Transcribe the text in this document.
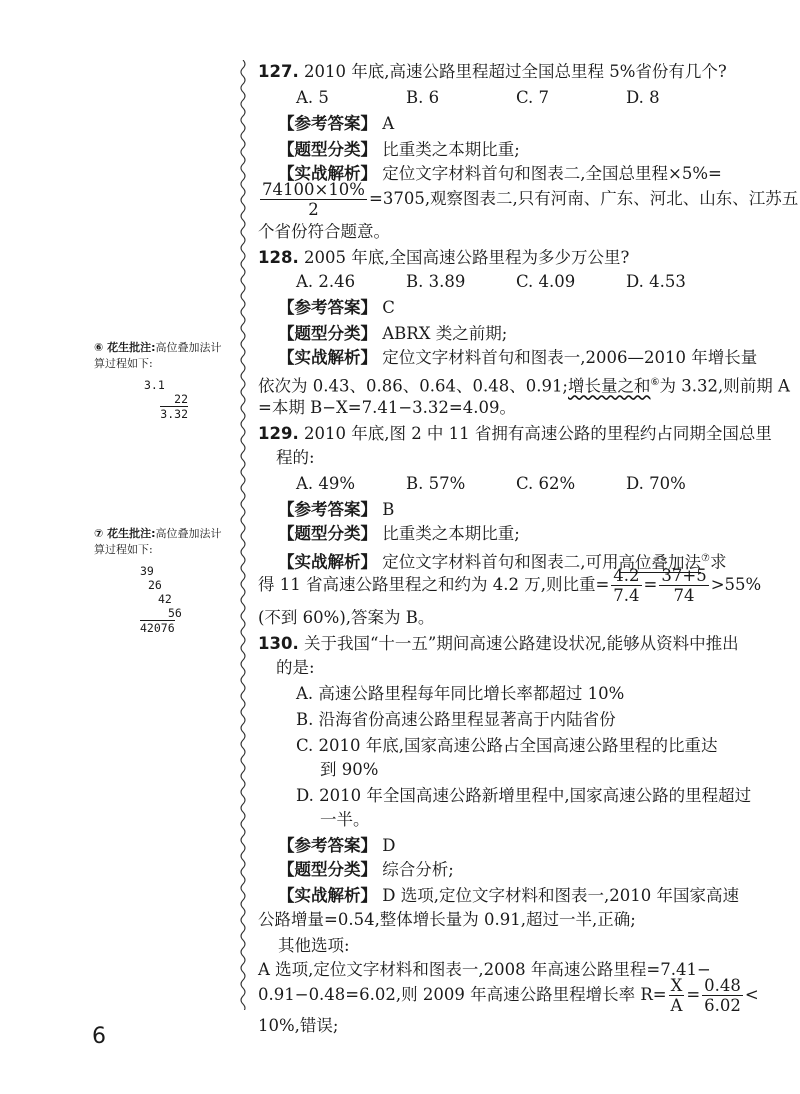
127. 2010 年底,高速公路里程超过全国总里程 5%省份有几个?
A. 5	B. 6	C. 7	D. 8
【参考答案】 A
【题型分类】 比重类之本期比重;
【实战解析】 定位文字材料首句和图表二,全国总里程×5%=
$\frac{74100\times 10\%}{2} =3705$,观察图表二,只有河南、广东、河北、山东、江苏五
个省份符合题意。
128. 2005 年底,全国高速公路里程为多少万公里?
A. 2.46	B. 3.89	C. 4.09	D. 4.53
【参考答案】 C
【题型分类】 ABRX 类之前期;
【实战解析】 定位文字材料首句和图表一,2006—2010 年增长量
依次为 0.43、0.86、0.64、0.48、0.91;增长量之和⑥为 3.32,则前期 A
=本期 B−X=7.41−3.32=4.09。
129. 2010 年底,图 2 中 11 省拥有高速公路的里程约占同期全国总里
程的:
A. 49%	B. 57%	C. 62%	D. 70%
【参考答案】 B
【题型分类】 比重类之本期比重;
【实战解析】 定位文字材料首句和图表二,可用高位叠加法⑦求
得 11 省高速公路里程之和约为 4.2 万,则比重= $\frac{4.2}{7.4} = \frac{37+5}{74} >55\%$
(不到 60%),答案为 B。
130. 关于我国“十一五”期间高速公路建设状况,能够从资料中推出
的是:
A. 高速公路里程每年同比增长率都超过 10%
B. 沿海省份高速公路里程显著高于内陆省份
C. 2010 年底,国家高速公路占全国高速公路里程的比重达
到 90%
D. 2010 年全国高速公路新增里程中,国家高速公路的里程超过
一半。
【参考答案】 D
【题型分类】 综合分析;
【实战解析】 D 选项,定位文字材料和图表一,2010 年国家高速
公路增量=0.54,整体增长量为 0.91,超过一半,正确;
其他选项:
A 选项,定位文字材料和图表一,2008 年高速公路里程=7.41−
0.91−0.48=6.02,则 2009 年高速公路里程增长率 $R= \frac{X}{A} = \frac{0.48}{6.02}$ <
10%,错误;
⑥ 花生批注:高位叠加法计
算过程如下:
3.1
22
3.32
⑦ 花生批注:高位叠加法计
算过程如下:
39
26
42
56
42076
6
